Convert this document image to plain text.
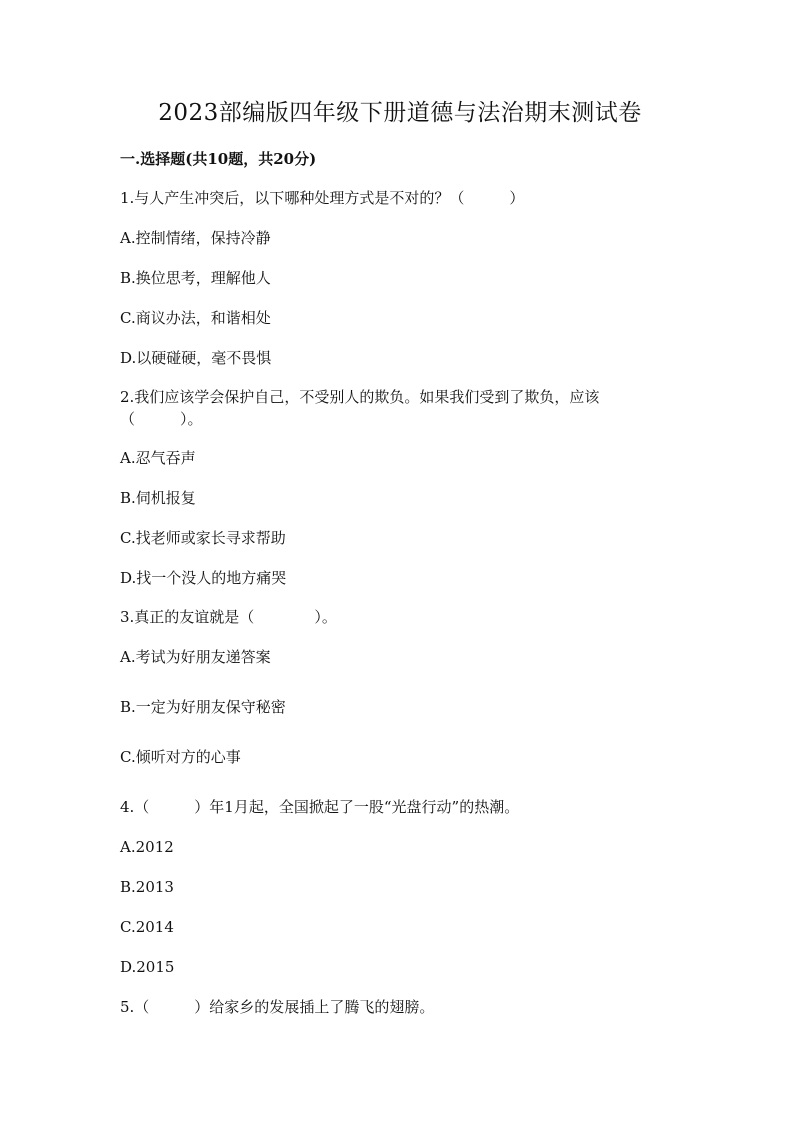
2023部编版四年级下册道德与法治期末测试卷
一.选择题(共10题，共20分)
1.与人产生冲突后，以下哪种处理方式是不对的？（　　　）
A.控制情绪，保持冷静
B.换位思考，理解他人
C.商议办法，和谐相处
D.以硬碰硬，毫不畏惧
2.我们应该学会保护自己，不受别人的欺负。如果我们受到了欺负，应该
（　　　）。
A.忍气吞声
B.伺机报复
C.找老师或家长寻求帮助
D.找一个没人的地方痛哭
3.真正的友谊就是（　　　　）。
A.考试为好朋友递答案
B.一定为好朋友保守秘密
C.倾听对方的心事
4.（　　　）年1月起，全国掀起了一股“光盘行动”的热潮。
A.2012
B.2013
C.2014
D.2015
5.（　　　）给家乡的发展插上了腾飞的翅膀。
